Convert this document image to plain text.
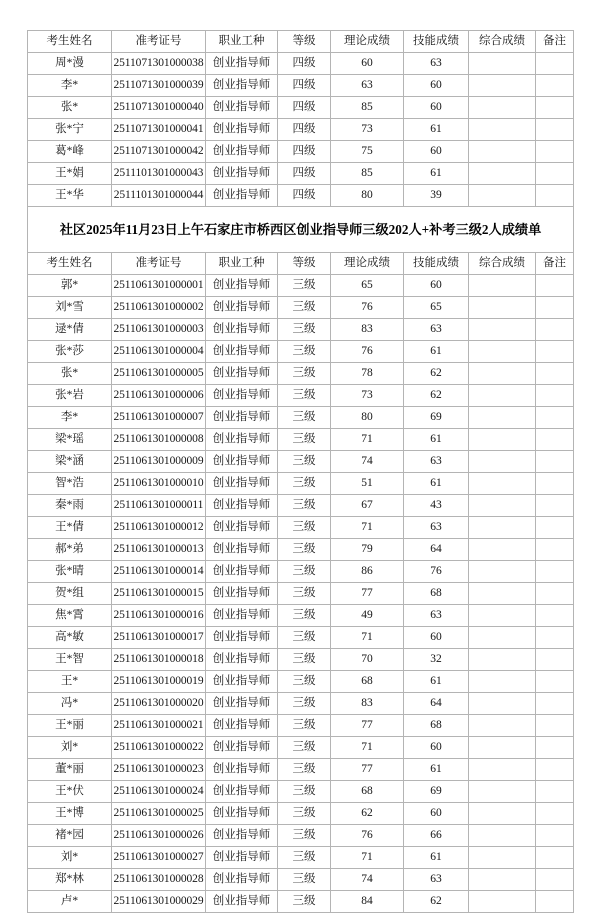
考生姓名	准考证号	职业工种	等级	理论成绩	技能成绩	综合成绩	备注
周*漫	2511071301000038	创业指导师	四级	60	63		
李*	2511071301000039	创业指导师	四级	63	60		
张*	2511071301000040	创业指导师	四级	85	60		
张*宁	2511071301000041	创业指导师	四级	73	61		
葛*峰	2511071301000042	创业指导师	四级	75	60		
王*娟	2511101301000043	创业指导师	四级	85	61		
王*华	2511101301000044	创业指导师	四级	80	39		
社区2025年11月23日上午石家庄市桥西区创业指导师三级202人+补考三级2人成绩单							
考生姓名	准考证号	职业工种	等级	理论成绩	技能成绩	综合成绩	备注
郭*	2511061301000001	创业指导师	三级	65	60		
刘*雪	2511061301000002	创业指导师	三级	76	65		
逯*倩	2511061301000003	创业指导师	三级	83	63		
张*莎	2511061301000004	创业指导师	三级	76	61		
张*	2511061301000005	创业指导师	三级	78	62		
张*岩	2511061301000006	创业指导师	三级	73	62		
李*	2511061301000007	创业指导师	三级	80	69		
梁*瑶	2511061301000008	创业指导师	三级	71	61		
梁*涵	2511061301000009	创业指导师	三级	74	63		
智*浩	2511061301000010	创业指导师	三级	51	61		
秦*雨	2511061301000011	创业指导师	三级	67	43		
王*倩	2511061301000012	创业指导师	三级	71	63		
郝*弟	2511061301000013	创业指导师	三级	79	64		
张*晴	2511061301000014	创业指导师	三级	86	76		
贺*组	2511061301000015	创业指导师	三级	77	68		
焦*霄	2511061301000016	创业指导师	三级	49	63		
高*敏	2511061301000017	创业指导师	三级	71	60		
王*智	2511061301000018	创业指导师	三级	70	32		
王*	2511061301000019	创业指导师	三级	68	61		
冯*	2511061301000020	创业指导师	三级	83	64		
王*丽	2511061301000021	创业指导师	三级	77	68		
刘*	2511061301000022	创业指导师	三级	71	60		
董*丽	2511061301000023	创业指导师	三级	77	61		
王*伏	2511061301000024	创业指导师	三级	68	69		
王*博	2511061301000025	创业指导师	三级	62	60		
褚*园	2511061301000026	创业指导师	三级	76	66		
刘*	2511061301000027	创业指导师	三级	71	61		
郑*林	2511061301000028	创业指导师	三级	74	63		
卢*	2511061301000029	创业指导师	三级	84	62		
